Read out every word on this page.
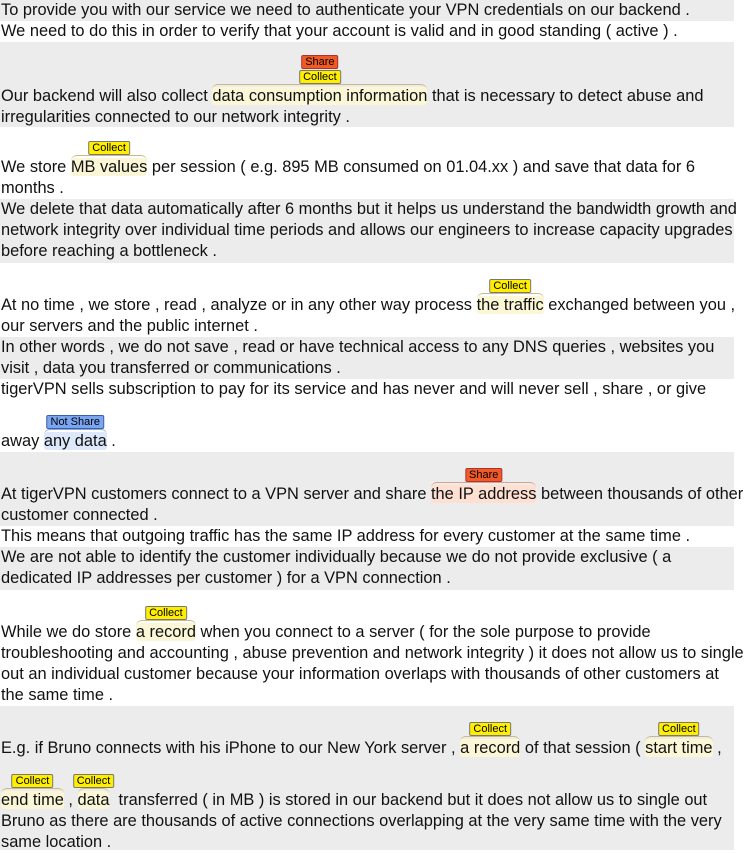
To provide you with our service we need to authenticate your VPN credentials on our backend .
We need to do this in order to verify that your account is valid and in good standing ( active ) .
Our backend will also collect
Share
Collect
data consumption information that is necessary to detect abuse and
irregularities connected to our network integrity .
We store
Collect
MB values per session ( e.g. 895 MB consumed on 01.04.xx ) and save that data for 6
months .
We delete that data automatically after 6 months but it helps us understand the bandwidth growth and
network integrity over individual time periods and allows our engineers to increase capacity upgrades
before reaching a bottleneck .
At no time , we store , read , analyze or in any other way process
Collect
the traffic exchanged between you ,
our servers and the public internet .
In other words , we do not save , read or have technical access to any DNS queries , websites you
visit , data you transferred or communications .
tigerVPN sells subscription to pay for its service and has never and will never sell , share , or give
away
Not Share
any data .
At tigerVPN customers connect to a VPN server and share
Share
the IP address between thousands of other
customer connected .
This means that outgoing traffic has the same IP address for every customer at the same time .
We are not able to identify the customer individually because we do not provide exclusive ( a
dedicated IP addresses per customer ) for a VPN connection .
While we do store
Collect
a record when you connect to a server ( for the sole purpose to provide
troubleshooting and accounting , abuse prevention and network integrity ) it does not allow us to single
out an individual customer because your information overlaps with thousands of other customers at
the same time .
E.g. if Bruno connects with his iPhone to our New York server ,
Collect
a record of that session (
Collect
start time ,
Collect
end time ,
Collect
data  transferred ( in MB ) is stored in our backend but it does not allow us to single out
Bruno as there are thousands of active connections overlapping at the very same time with the very
same location .
